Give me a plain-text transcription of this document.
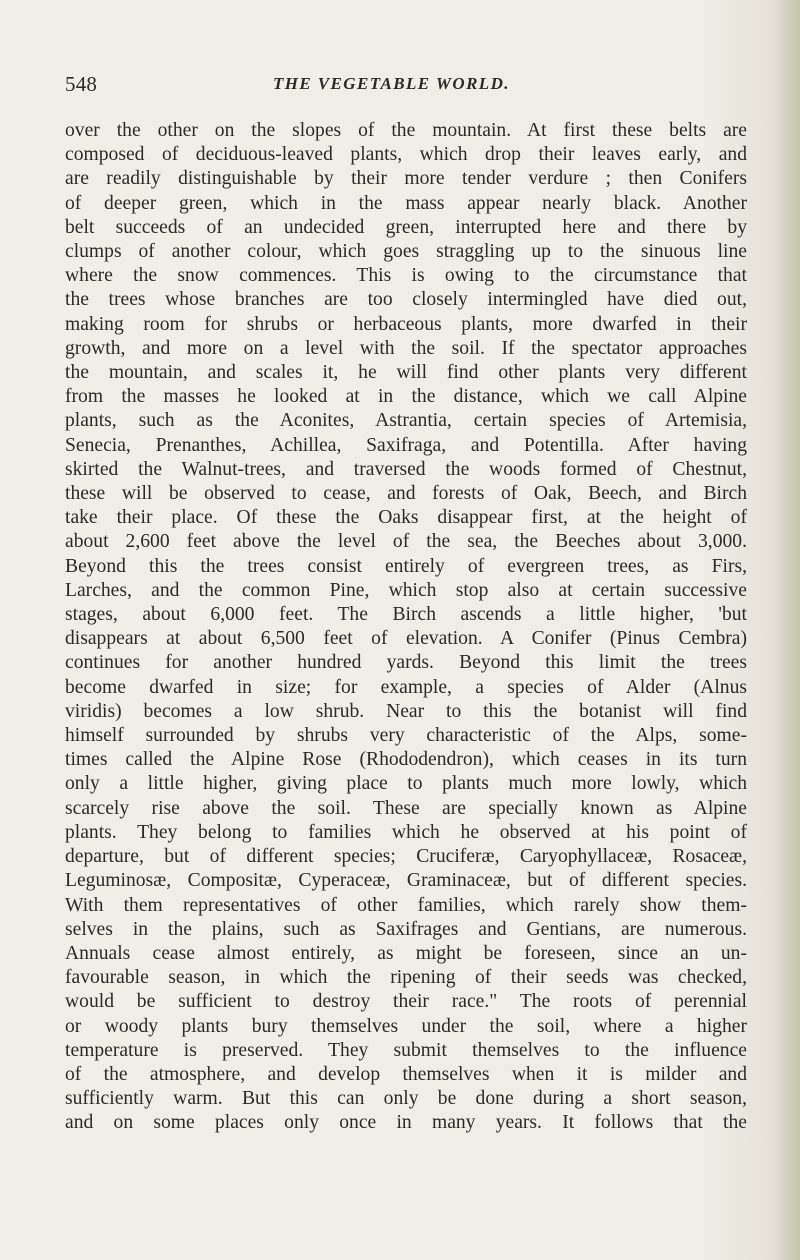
548	THE VEGETABLE WORLD.
over the other on the slopes of the mountain. At first these belts are
composed of deciduous-leaved plants, which drop their leaves early, and
are readily distinguishable by their more tender verdure ; then Conifers
of deeper green, which in the mass appear nearly black. Another
belt succeeds of an undecided green, interrupted here and there by
clumps of another colour, which goes straggling up to the sinuous line
where the snow commences. This is owing to the circumstance that
the trees whose branches are too closely intermingled have died out,
making room for shrubs or herbaceous plants, more dwarfed in their
growth, and more on a level with the soil. If the spectator approaches
the mountain, and scales it, he will find other plants very different
from the masses he looked at in the distance, which we call Alpine
plants, such as the Aconites, Astrantia, certain species of Artemisia,
Senecia, Prenanthes, Achillea, Saxifraga, and Potentilla. After having
skirted the Walnut-trees, and traversed the woods formed of Chestnut,
these will be observed to cease, and forests of Oak, Beech, and Birch
take their place. Of these the Oaks disappear first, at the height of
about 2,600 feet above the level of the sea, the Beeches about 3,000.
Beyond this the trees consist entirely of evergreen trees, as Firs,
Larches, and the common Pine, which stop also at certain successive
stages, about 6,000 feet. The Birch ascends a little higher, 'but
disappears at about 6,500 feet of elevation. A Conifer (Pinus Cembra)
continues for another hundred yards. Beyond this limit the trees
become dwarfed in size; for example, a species of Alder (Alnus
viridis) becomes a low shrub. Near to this the botanist will find
himself surrounded by shrubs very characteristic of the Alps, some-
times called the Alpine Rose (Rhododendron), which ceases in its turn
only a little higher, giving place to plants much more lowly, which
scarcely rise above the soil. These are specially known as Alpine
plants. They belong to families which he observed at his point of
departure, but of different species; Cruciferæ, Caryophyllaceæ, Rosaceæ,
Leguminosæ, Compositæ, Cyperaceæ, Graminaceæ, but of different species.
With them representatives of other families, which rarely show them-
selves in the plains, such as Saxifrages and Gentians, are numerous.
Annuals cease almost entirely, as might be foreseen, since an un-
favourable season, in which the ripening of their seeds was checked,
would be sufficient to destroy their race." The roots of perennial
or woody plants bury themselves under the soil, where a higher
temperature is preserved. They submit themselves to the influence
of the atmosphere, and develop themselves when it is milder and
sufficiently warm. But this can only be done during a short season,
and on some places only once in many years. It follows that the
